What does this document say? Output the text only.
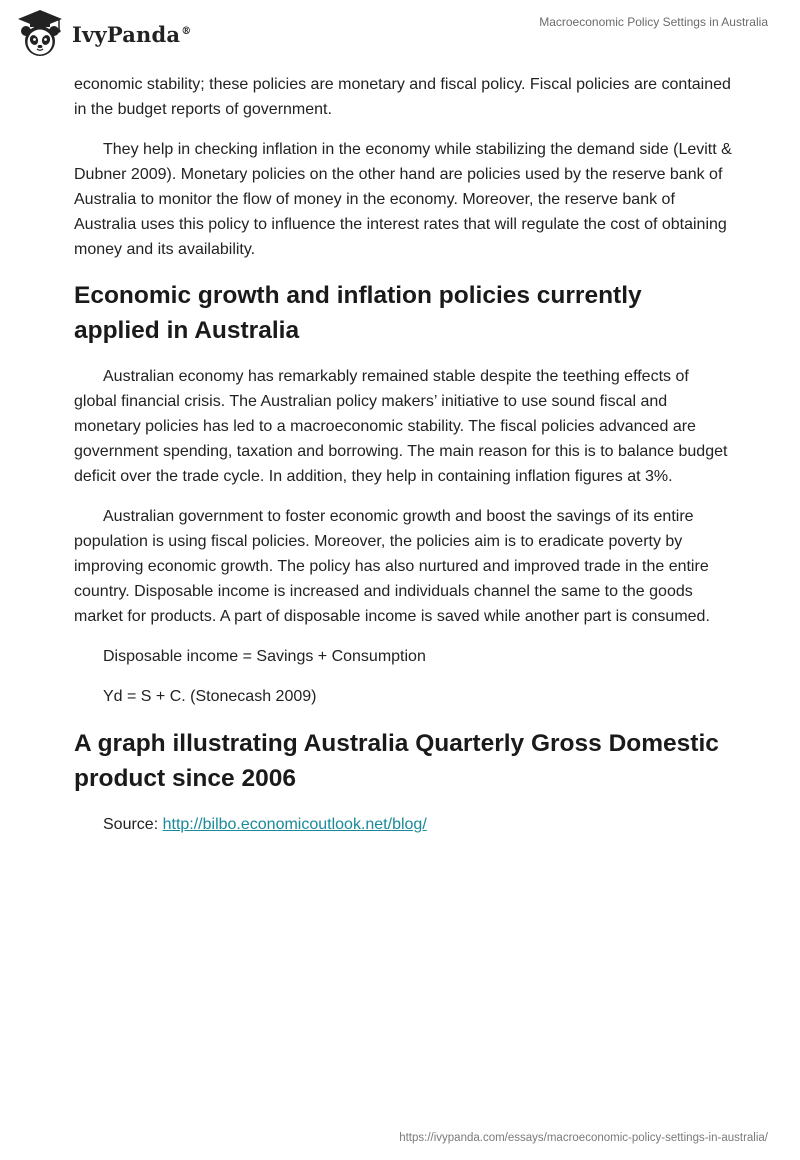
IvyPanda®
Macroeconomic Policy Settings in Australia

economic stability; these policies are monetary and fiscal policy. Fiscal policies are contained in the budget reports of government.

They help in checking inflation in the economy while stabilizing the demand side (Levitt & Dubner 2009). Monetary policies on the other hand are policies used by the reserve bank of Australia to monitor the flow of money in the economy. Moreover, the reserve bank of Australia uses this policy to influence the interest rates that will regulate the cost of obtaining money and its availability.

Economic growth and inflation policies currently applied in Australia

Australian economy has remarkably remained stable despite the teething effects of global financial crisis. The Australian policy makers’ initiative to use sound fiscal and monetary policies has led to a macroeconomic stability. The fiscal policies advanced are government spending, taxation and borrowing. The main reason for this is to balance budget deficit over the trade cycle. In addition, they help in containing inflation figures at 3%.

Australian government to foster economic growth and boost the savings of its entire population is using fiscal policies. Moreover, the policies aim is to eradicate poverty by improving economic growth. The policy has also nurtured and improved trade in the entire country. Disposable income is increased and individuals channel the same to the goods market for products. A part of disposable income is saved while another part is consumed.

Disposable income = Savings + Consumption

Yd = S + C. (Stonecash 2009)

A graph illustrating Australia Quarterly Gross Domestic product since 2006

Source: http://bilbo.economicoutlook.net/blog/

https://ivypanda.com/essays/macroeconomic-policy-settings-in-australia/
